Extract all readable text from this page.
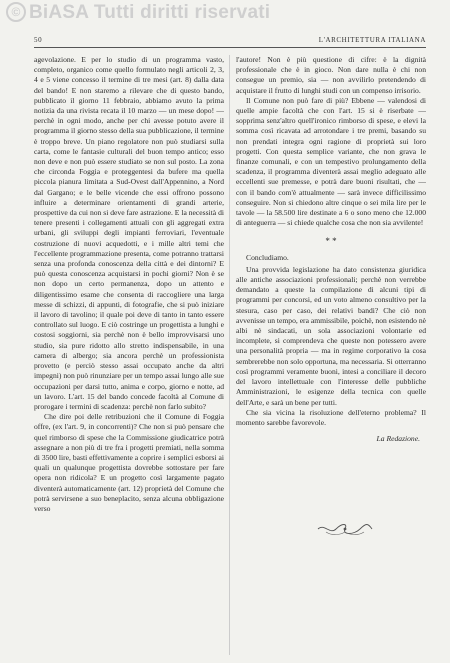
© BiASA Tutti diritti riservati
50	L'ARCHITETTURA ITALIANA

agevolazione. E per lo studio di un programma vasto, completo, organico come quello formulato negli articoli 2, 3, 4 e 5 viene concesso il termine di tre mesi (art. 8) dalla data del bando! E non staremo a rilevare che di questo bando, pubblicato il giorno 11 febbraio, abbiamo avuto la prima notizia da una rivista recata il 10 marzo — un mese dopo! — perchè in ogni modo, anche per chi avesse potuto avere il programma il giorno stesso della sua pubblicazione, il termine è troppo breve. Un piano regolatore non può studiarsi sulla carta, come le fantasie culturali del buon tempo antico; esso non deve e non può essere studiato se non sul posto. La zona che circonda Foggia e proteggentesi da bufere ma quella piccola pianura limitata a Sud-Ovest dall'Appennino, a Nord dal Gargano; e le belle vicende che essi offrono possono influire a determinare orientamenti di grandi arterie, prospettive da cui non si deve fare astrazione. E la necessità di tenere presenti i collegamenti attuali con gli aggregati extra urbani, gli sviluppi degli impianti ferroviari, l'eventuale costruzione di nuovi acquedotti, e i mille altri temi che l'eccellente programmazione presenta, come potranno trattarsi senza una profonda conoscenza della città e dei dintorni? E può questa conoscenza acquistarsi in pochi giorni? Non è se non dopo un certo permanenza, dopo un attento e diligentissimo esame che consenta di raccogliere una larga messe di schizzi, di appunti, di fotografie, che si può iniziare il lavoro di tavolino; il quale poi deve di tanto in tanto essere controllato sul luogo. E ciò costringe un progettista a lunghi e costosi soggiorni, sia perchè non è bello improvvisarsi uno studio, sia pure ridotto allo stretto indispensabile, in una camera di albergo; sia ancora perchè un professionista provetto (e perciò stesso assai occupato anche da altri impegni) non può rinunziare per un tempo assai lungo alle sue occupazioni per darsi tutto, anima e corpo, giorno e notte, ad un lavoro. L'art. 15 del bando concede facoltà al Comune di prorogare i termini di scadenza: perchè non farlo subito?

Che dire poi delle retribuzioni che il Comune di Foggia offre, (ex l'art. 9, in concorrenti)? Che non si può pensare che quel rimborso di spese che la Commissione giudicatrice potrà assegnare a non più di tre fra i progetti premiati, nella somma di 3500 lire, basti effettivamente a coprire i semplici esborsi ai quali un qualunque progettista dovrebbe sottostare per fare opera non ridicola? E un progetto così largamente pagato diventerà automaticamente (art. 12) proprietà del Comune che potrà servirsene a suo beneplacito, senza alcuna obbligazione verso

l'autore! Non è più questione di cifre: è la dignità professionale che è in gioco. Non dare nulla è chi non consegue un premio, sia — non avvilirlo pretendendo di acquistare il frutto di lunghi studi con un compenso irrisorio.

Il Comune non può fare di più? Ebbene — valendosi di quelle ampie facoltà che con l'art. 15 si è riserbate — sopprima senz'altro quell'ironico rimborso di spese, e elevi la somma così ricavata ad arrotondare i tre premi, basando su non prendati integra ogni ragione di proprietà sui loro progetti. Con questa semplice variante, che non grava le finanze comunali, e con un tempestivo prolungamento della scadenza, il programma diventerà assai meglio adeguato alle eccellenti sue premesse, e potrà dare buoni risultati, che — con il bando com'è attualmente — sarà invece difficilissimo conseguire. Non si chiedono altre cinque o sei mila lire per le tavole — la 58.500 lire destinate a 6 o sono meno che 12.000 di anteguerra — si chiede qualche cosa che non sia avvilente!

* *

Concludiamo.

Una provvida legislazione ha dato consistenza giuridica alle antiche associazioni professionali; perchè non verrebbe demandato a queste la compilazione di alcuni tipi di programmi per concorsi, ed un voto almeno consultivo per la stesura, caso per caso, dei relativi bandi? Che ciò non avvenisse un tempo, era ammissibile, poichè, non esistendo nè albi nè sindacati, un sola associazioni volontarie ed incomplete, si comprendeva che queste non potessero avere una personalità propria — ma in regime corporativo la cosa sembrerebbe non solo opportuna, ma necessaria. Si otterranno così programmi veramente buoni, intesi a conciliare il decoro del lavoro intellettuale con l'interesse delle pubbliche Amministrazioni, le esigenze della tecnica con quelle dell'Arte, e sarà un bene per tutti.

Che sia vicina la risoluzione dell'eterno problema? Il momento sarebbe favorevole.

La Redazione.
